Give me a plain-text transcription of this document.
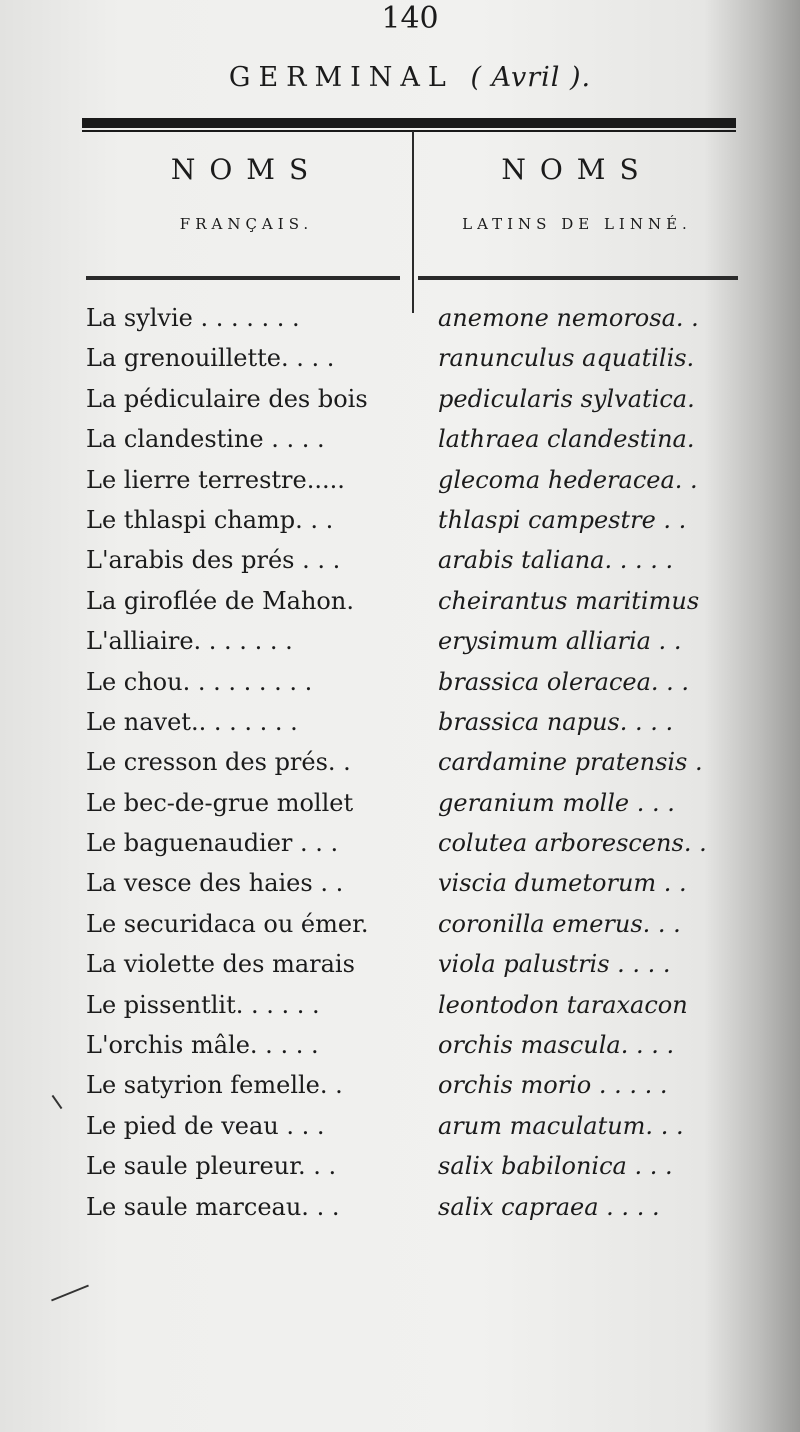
140
GERMINAL ( Avril ).
NOMS
FRANÇAIS.
NOMS
LATINS DE LINNÉ.
La sylvie . . . . . . .	anemone nemorosa. .
La grenouillette. . . .	ranunculus aquatilis.
La pédiculaire des bois	pedicularis sylvatica.
La clandestine . . . .	lathraea clandestina.
Le lierre terrestre.....	glecoma hederacea. .
Le thlaspi champ. . .	thlaspi campestre . .
L'arabis des prés . . .	arabis taliana. . . . .
La giroflée de Mahon.	cheirantus maritimus
L'alliaire. . . . . . .	erysimum alliaria . .
Le chou. . . . . . . . .	brassica oleracea. . .
Le navet.. . . . . . .	brassica napus. . . .
Le cresson des prés. .	cardamine pratensis .
Le bec-de-grue mollet	geranium molle . . .
Le baguenaudier . . .	colutea arborescens. .
La vesce des haies . .	viscia dumetorum . .
Le securidaca ou émer.	coronilla emerus. . .
La violette des marais	viola palustris . . . .
Le pissentlit. . . . . .	leontodon taraxacon
L'orchis mâle. . . . .	orchis mascula. . . .
Le satyrion femelle. .	orchis morio . . . . .
Le pied de veau . . .	arum maculatum. . .
Le saule pleureur. . .	salix babilonica . . .
Le saule marceau. . .	salix capraea . . . .
